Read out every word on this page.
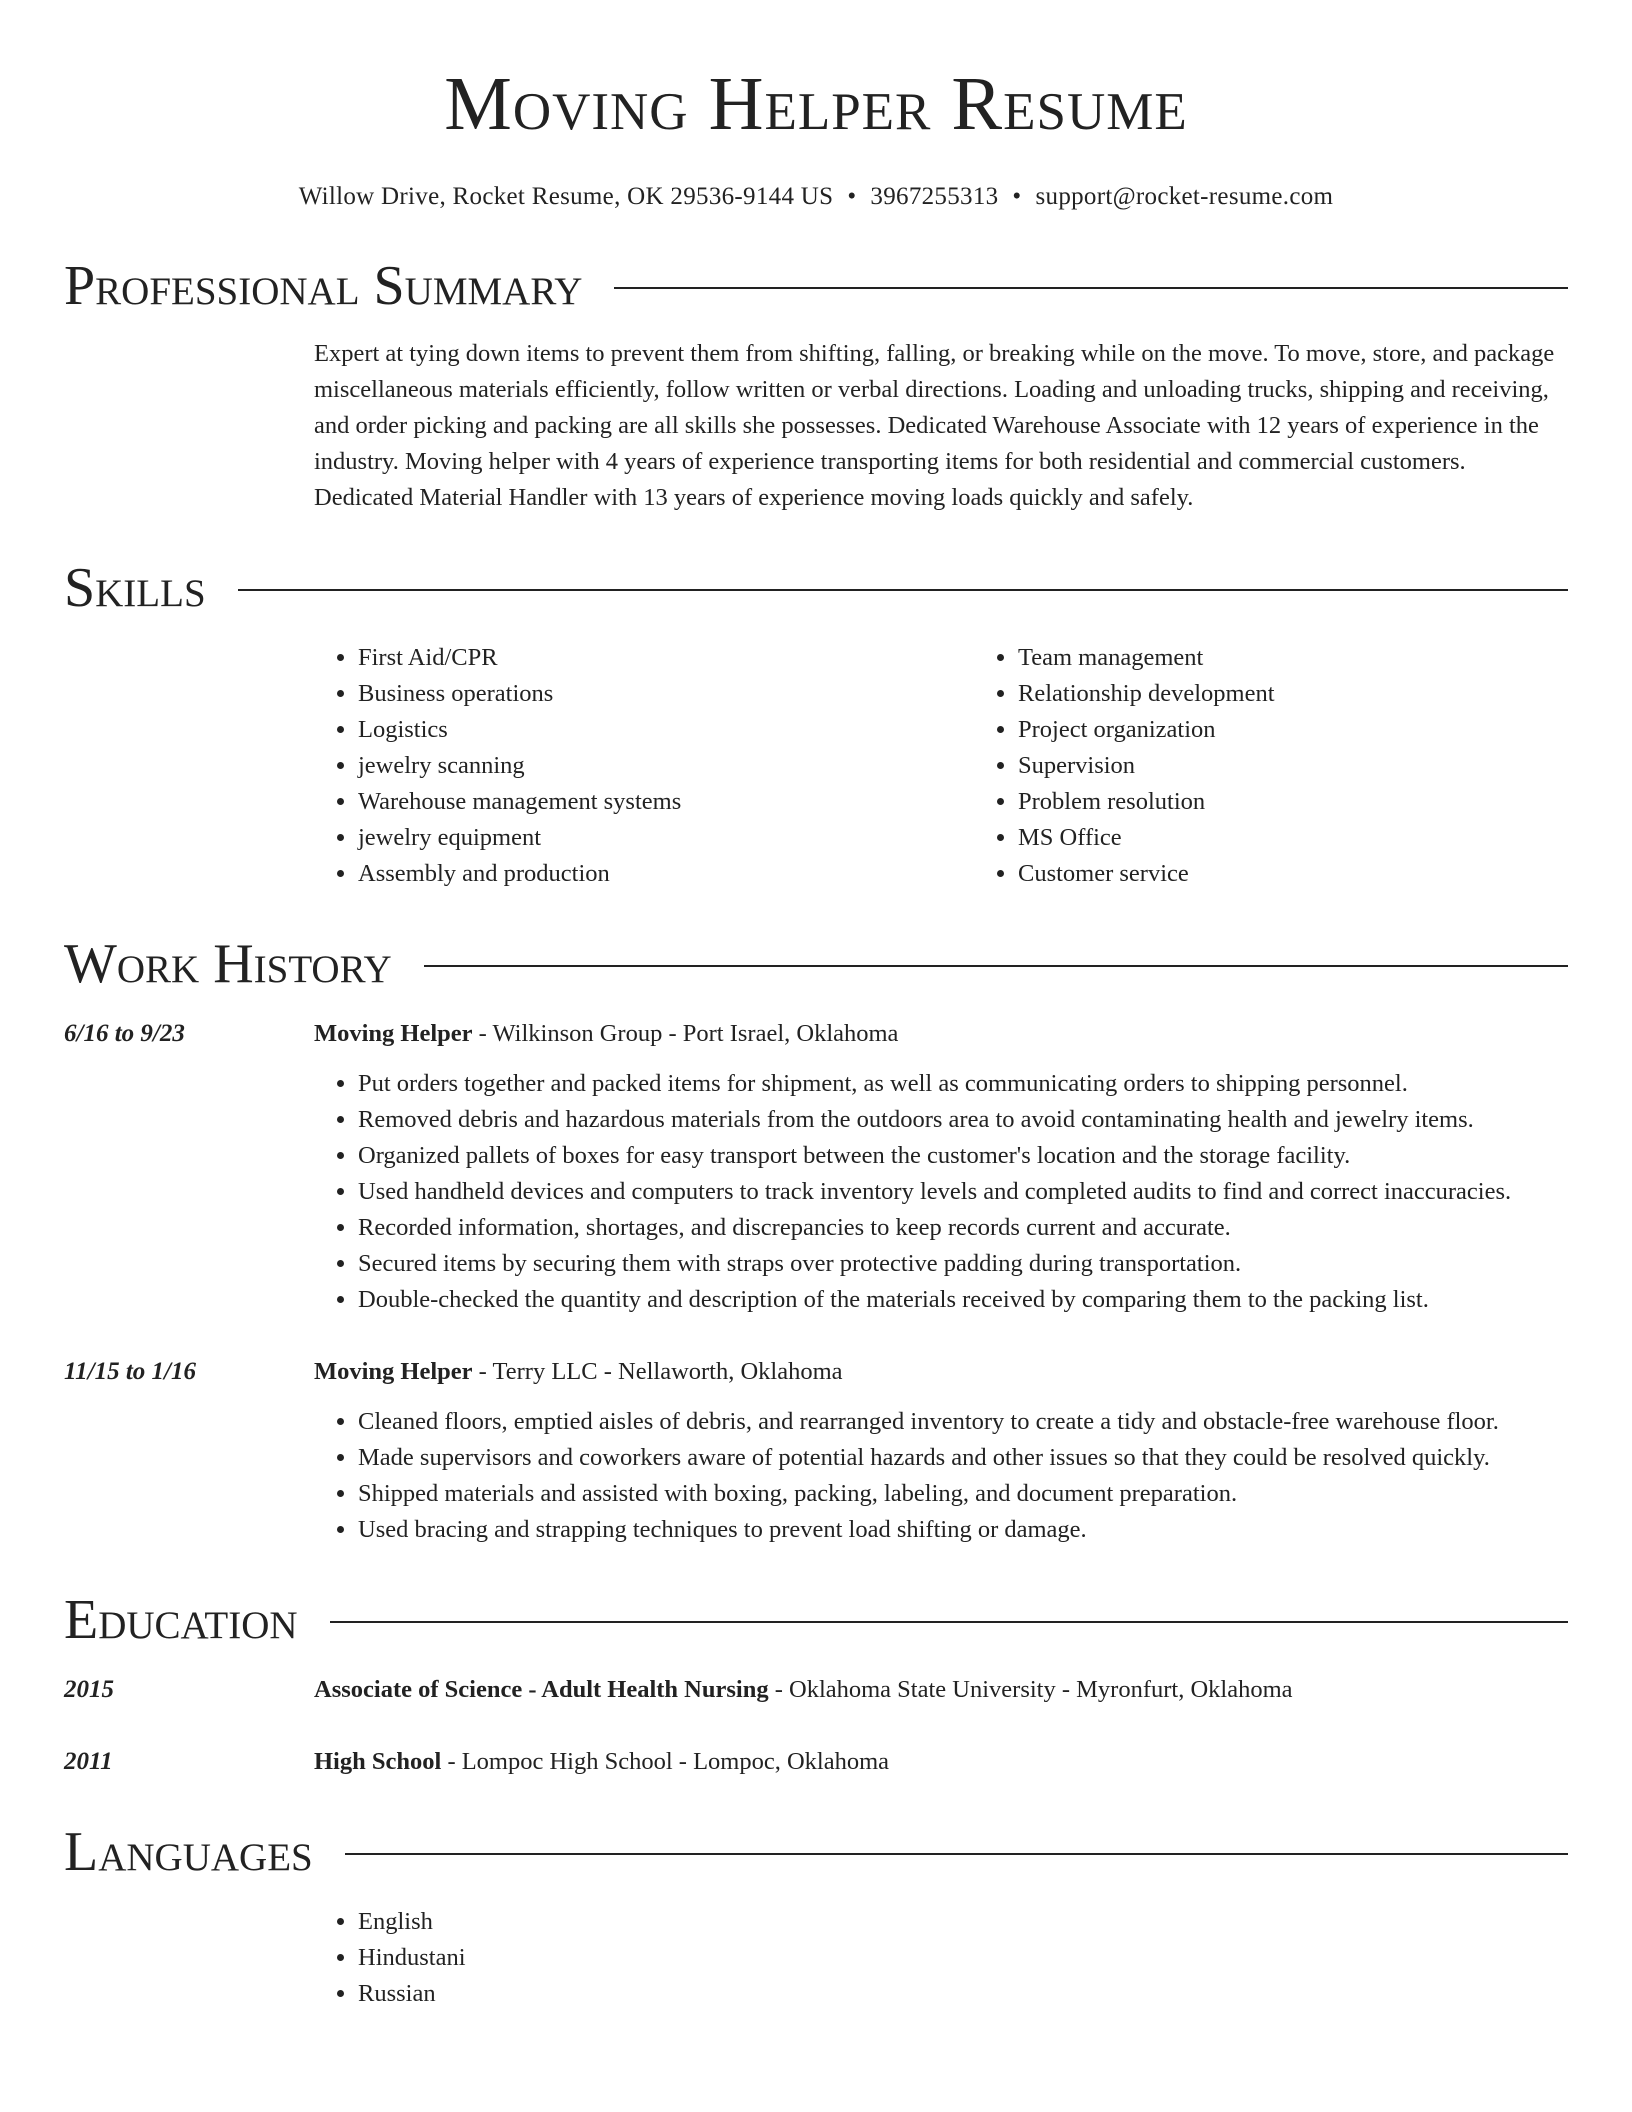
Moving Helper Resume
Willow Drive, Rocket Resume, OK 29536-9144 US • 3967255313 • support@rocket-resume.com
Professional Summary

Expert at tying down items to prevent them from shifting, falling, or breaking while on the move. To move, store, and package miscellaneous materials efficiently, follow written or verbal directions. Loading and unloading trucks, shipping and receiving, and order picking and packing are all skills she possesses. Dedicated Warehouse Associate with 12 years of experience in the industry. Moving helper with 4 years of experience transporting items for both residential and commercial customers. Dedicated Material Handler with 13 years of experience moving loads quickly and safely.

Skills
• First Aid/CPR
• Business operations
• Logistics
• jewelry scanning
• Warehouse management systems
• jewelry equipment
• Assembly and production
• Team management
• Relationship development
• Project organization
• Supervision
• Problem resolution
• MS Office
• Customer service
Work History
6/16 to 9/23	Moving Helper - Wilkinson Group - Port Israel, Oklahoma
• Put orders together and packed items for shipment, as well as communicating orders to shipping personnel.
• Removed debris and hazardous materials from the outdoors area to avoid contaminating health and jewelry items.
• Organized pallets of boxes for easy transport between the customer's location and the storage facility.
• Used handheld devices and computers to track inventory levels and completed audits to find and correct inaccuracies.
• Recorded information, shortages, and discrepancies to keep records current and accurate.
• Secured items by securing them with straps over protective padding during transportation.
• Double-checked the quantity and description of the materials received by comparing them to the packing list.
11/15 to 1/16	Moving Helper - Terry LLC - Nellaworth, Oklahoma
• Cleaned floors, emptied aisles of debris, and rearranged inventory to create a tidy and obstacle-free warehouse floor.
• Made supervisors and coworkers aware of potential hazards and other issues so that they could be resolved quickly.
• Shipped materials and assisted with boxing, packing, labeling, and document preparation.
• Used bracing and strapping techniques to prevent load shifting or damage.
Education
2015	Associate of Science - Adult Health Nursing - Oklahoma State University - Myronfurt, Oklahoma
2011	High School - Lompoc High School - Lompoc, Oklahoma
Languages
• English
• Hindustani
• Russian
